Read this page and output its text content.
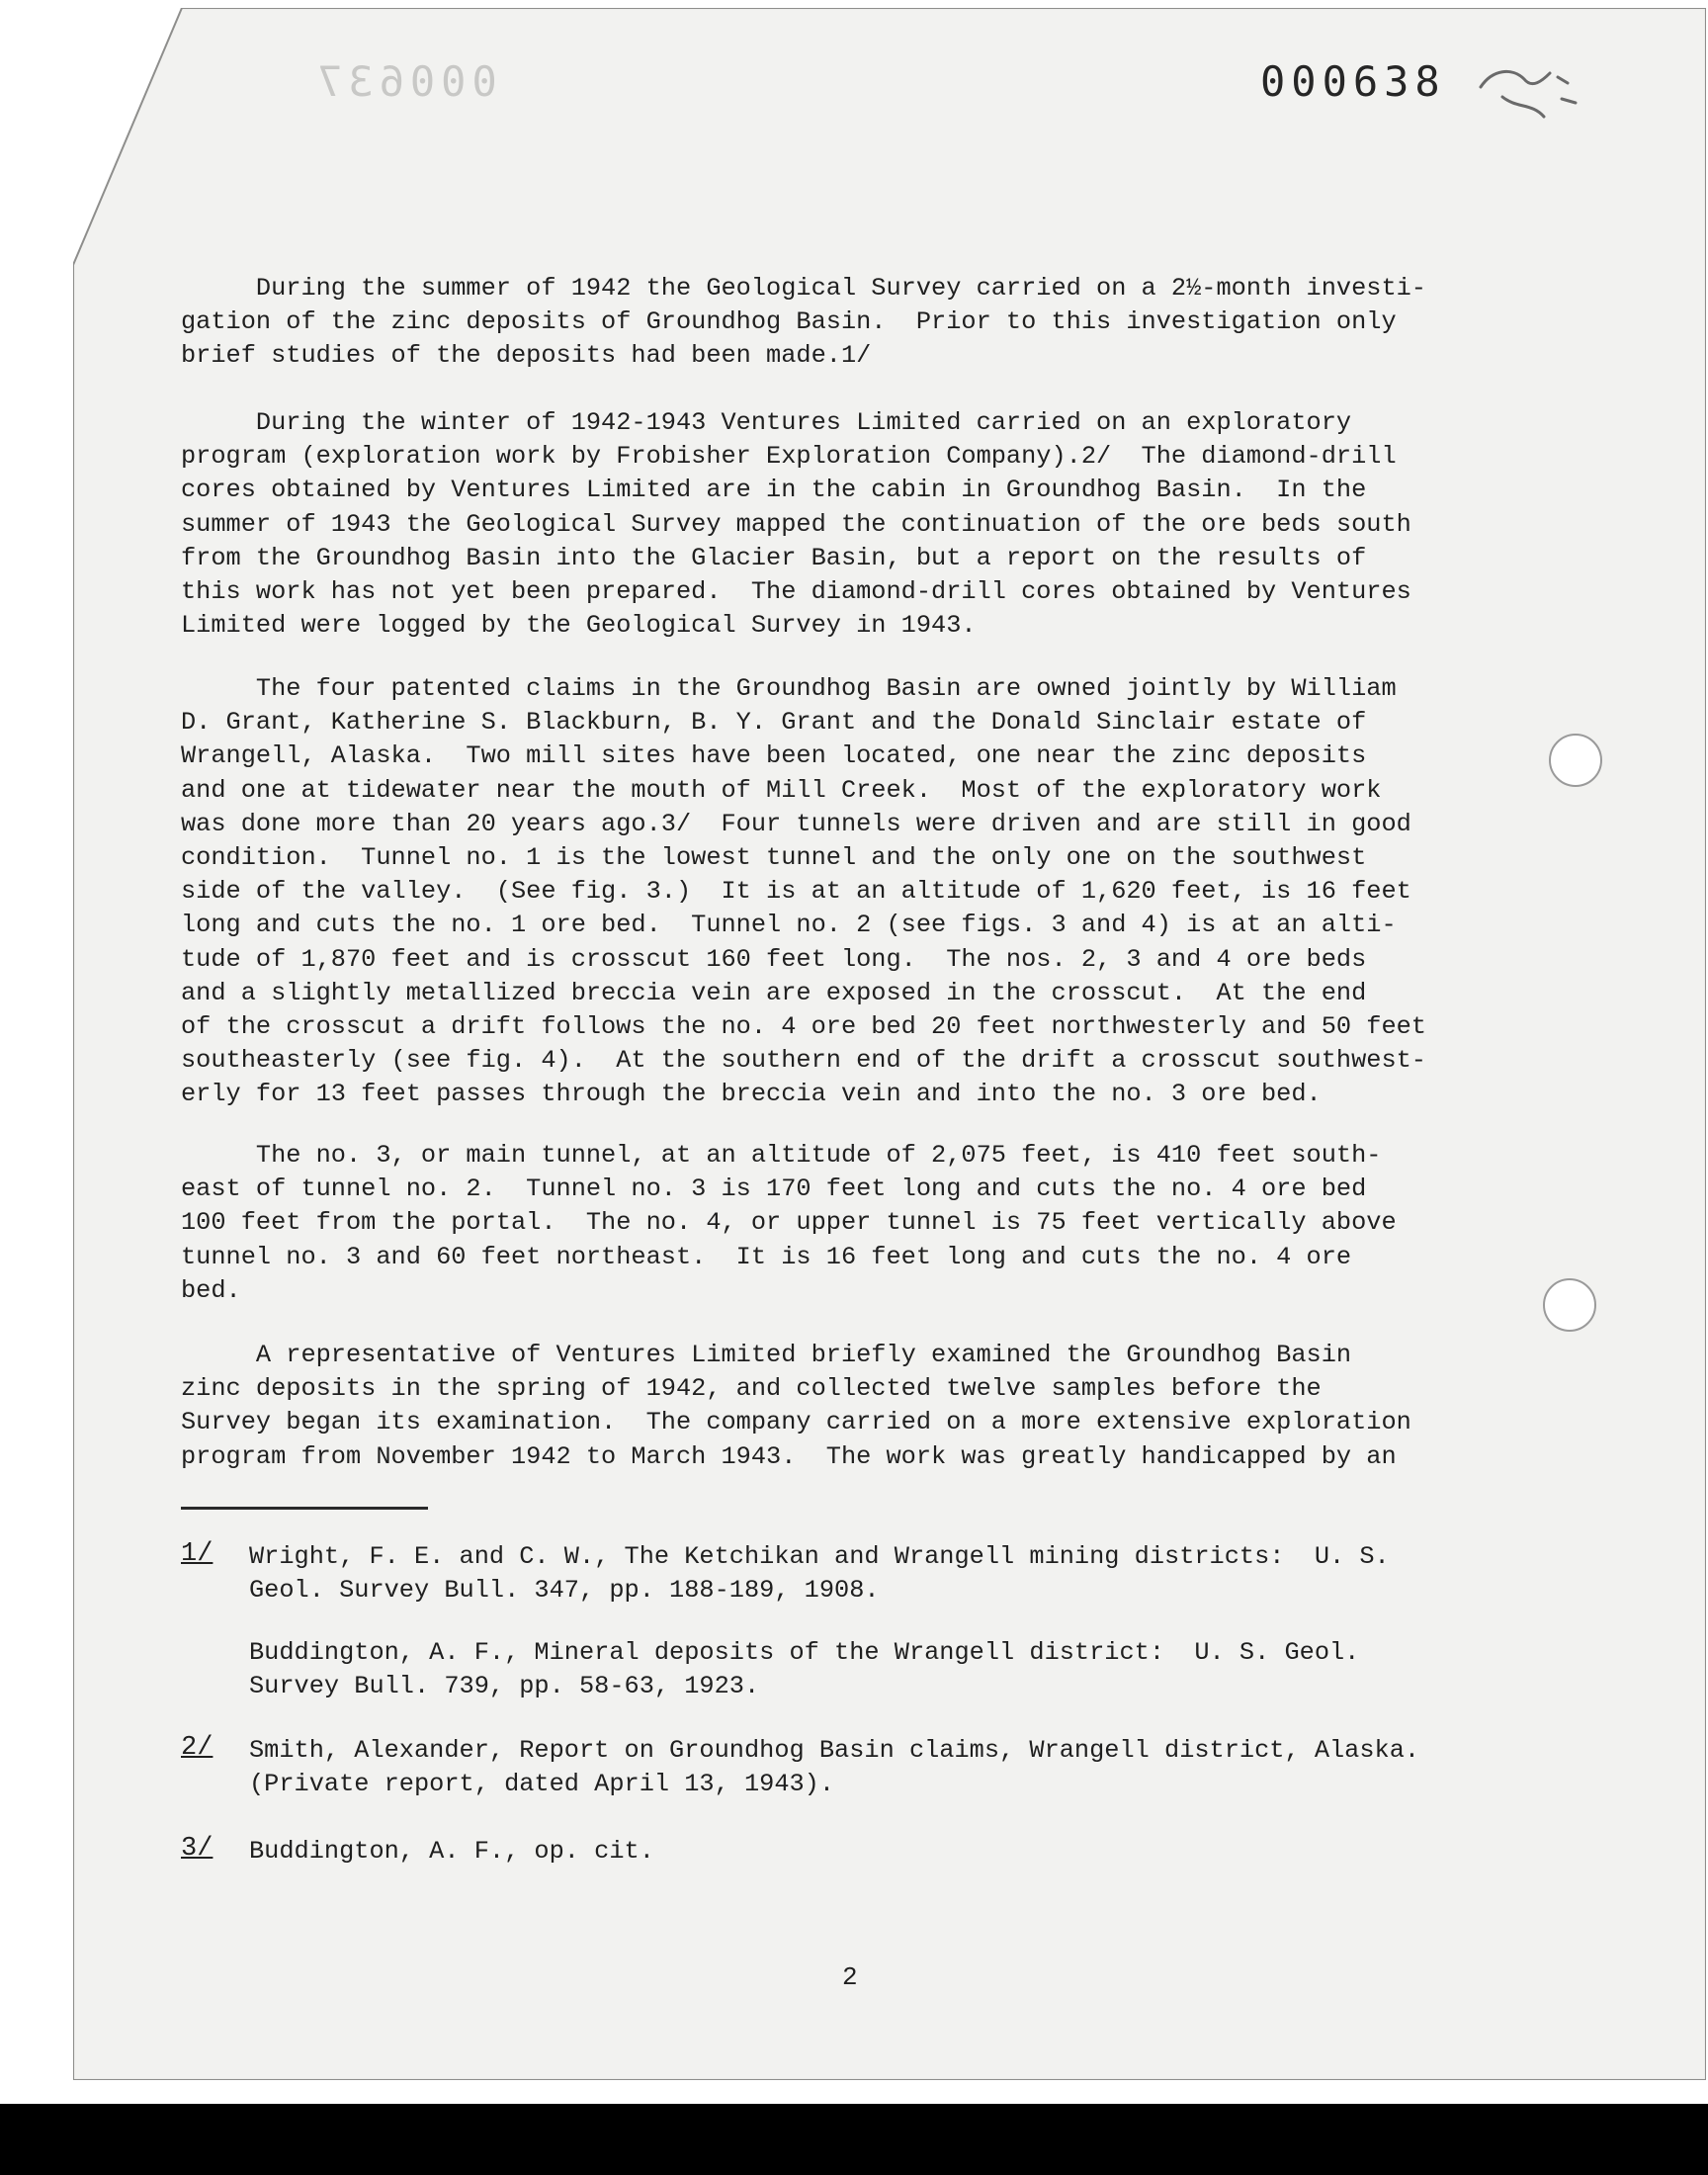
000637	000638
During the summer of 1942 the Geological Survey carried on a 2½-month investi-
gation of the zinc deposits of Groundhog Basin.  Prior to this investigation only
brief studies of the deposits had been made.1/
During the winter of 1942-1943 Ventures Limited carried on an exploratory
program (exploration work by Frobisher Exploration Company).2/  The diamond-drill
cores obtained by Ventures Limited are in the cabin in Groundhog Basin.  In the
summer of 1943 the Geological Survey mapped the continuation of the ore beds south
from the Groundhog Basin into the Glacier Basin, but a report on the results of
this work has not yet been prepared.  The diamond-drill cores obtained by Ventures
Limited were logged by the Geological Survey in 1943.
The four patented claims in the Groundhog Basin are owned jointly by William
D. Grant, Katherine S. Blackburn, B. Y. Grant and the Donald Sinclair estate of
Wrangell, Alaska.  Two mill sites have been located, one near the zinc deposits
and one at tidewater near the mouth of Mill Creek.  Most of the exploratory work
was done more than 20 years ago.3/  Four tunnels were driven and are still in good
condition.  Tunnel no. 1 is the lowest tunnel and the only one on the southwest
side of the valley.  (See fig. 3.)  It is at an altitude of 1,620 feet, is 16 feet
long and cuts the no. 1 ore bed.  Tunnel no. 2 (see figs. 3 and 4) is at an alti-
tude of 1,870 feet and is crosscut 160 feet long.  The nos. 2, 3 and 4 ore beds
and a slightly metallized breccia vein are exposed in the crosscut.  At the end
of the crosscut a drift follows the no. 4 ore bed 20 feet northwesterly and 50 feet
southeasterly (see fig. 4).  At the southern end of the drift a crosscut southwest-
erly for 13 feet passes through the breccia vein and into the no. 3 ore bed.
The no. 3, or main tunnel, at an altitude of 2,075 feet, is 410 feet south-
east of tunnel no. 2.  Tunnel no. 3 is 170 feet long and cuts the no. 4 ore bed
100 feet from the portal.  The no. 4, or upper tunnel is 75 feet vertically above
tunnel no. 3 and 60 feet northeast.  It is 16 feet long and cuts the no. 4 ore
bed.
A representative of Ventures Limited briefly examined the Groundhog Basin
zinc deposits in the spring of 1942, and collected twelve samples before the
Survey began its examination.  The company carried on a more extensive exploration
program from November 1942 to March 1943.  The work was greatly handicapped by an
1/ Wright, F. E. and C. W., The Ketchikan and Wrangell mining districts:  U. S.
Geol. Survey Bull. 347, pp. 188-189, 1908.
Buddington, A. F., Mineral deposits of the Wrangell district:  U. S. Geol.
Survey Bull. 739, pp. 58-63, 1923.
2/ Smith, Alexander, Report on Groundhog Basin claims, Wrangell district, Alaska.
(Private report, dated April 13, 1943).
3/ Buddington, A. F., op. cit.
2
